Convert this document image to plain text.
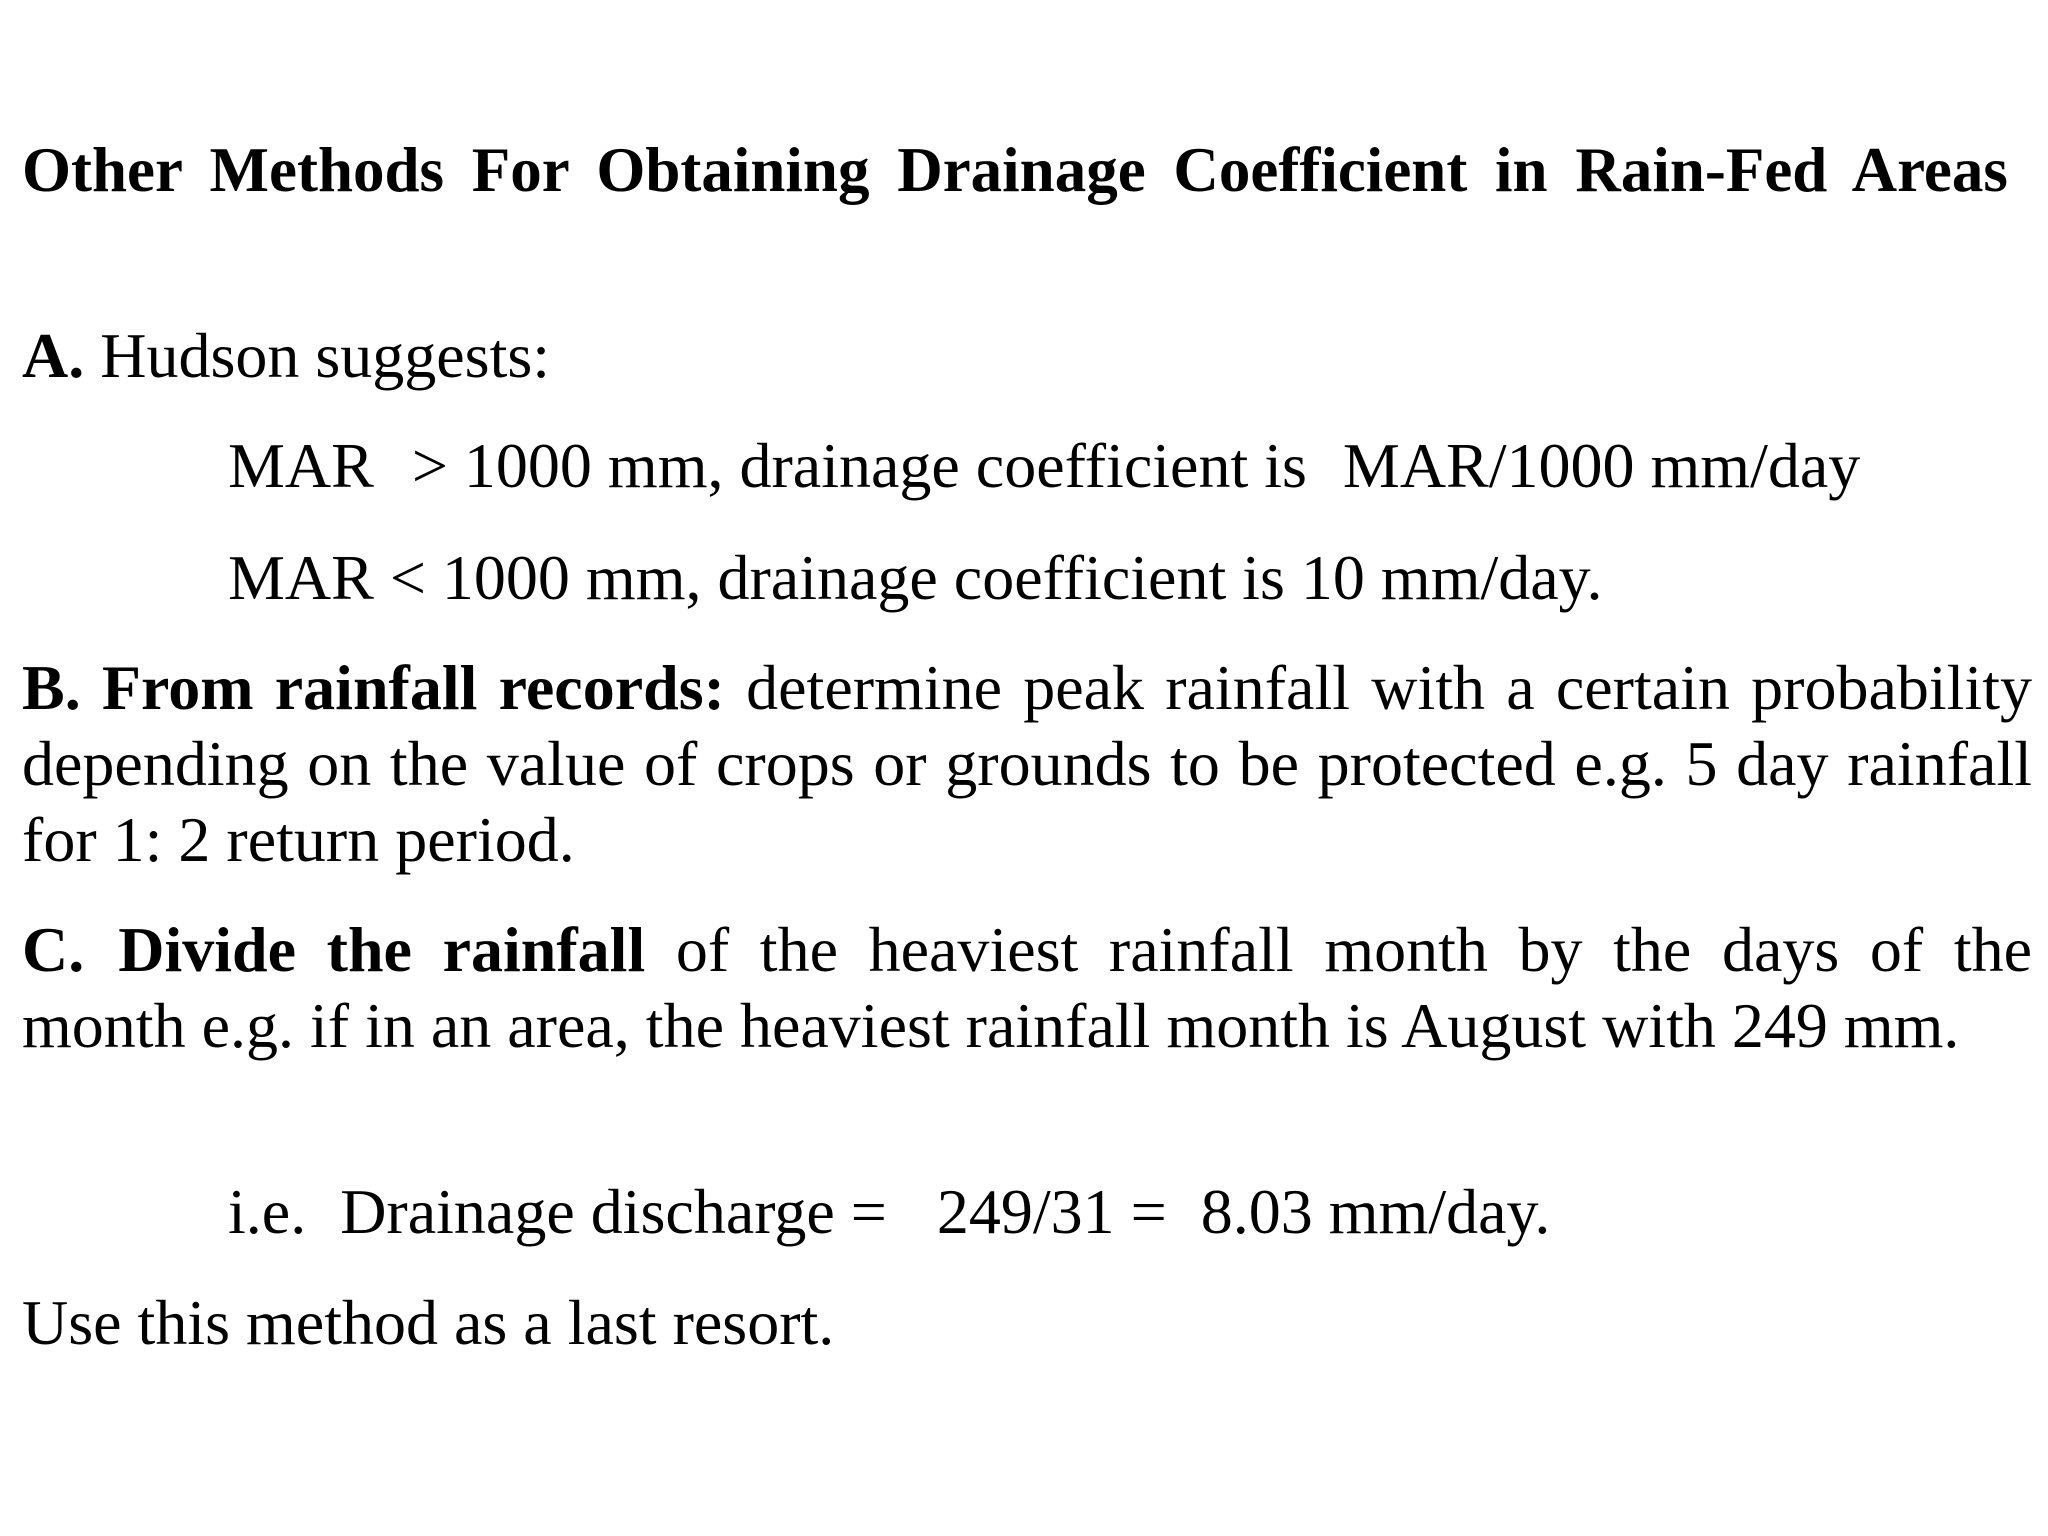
Other Methods For Obtaining Drainage Coefficient in Rain-Fed Areas
A. Hudson suggests:
MAR > 1000 mm, drainage coefficient is MAR/1000 mm/day
MAR < 1000 mm, drainage coefficient is 10 mm/day.
B. From rainfall records: determine peak rainfall with a certain probability depending on the value of crops or grounds to be protected e.g. 5 day rainfall for 1: 2 return period.
C. Divide the rainfall of the heaviest rainfall month by the days of the month e.g. if in an area, the heaviest rainfall month is August with 249 mm.
i.e. Drainage discharge = 249/31 = 8.03 mm/day.
Use this method as a last resort.
